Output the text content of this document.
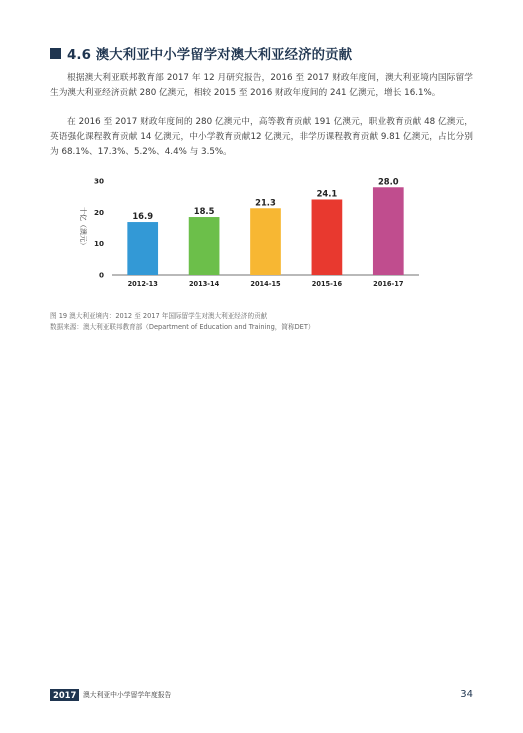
4.6 澳大利亚中小学留学对澳大利亚经济的贡献

根据澳大利亚联邦教育部 2017 年 12 月研究报告，2016 至 2017 财政年度间，澳大利亚境内国际留学生为澳大利亚经济贡献 280 亿澳元，相较 2015 至 2016 财政年度间的 241 亿澳元，增长 16.1%。

在 2016 至 2017 财政年度间的 280 亿澳元中，高等教育贡献 191 亿澳元，职业教育贡献 48 亿澳元，英语强化课程教育贡献 14 亿澳元，中小学教育贡献12 亿澳元，非学历课程教育贡献 9.81 亿澳元，占比分别为 68.1%、17.3%、5.2%、4.4% 与 3.5%。

十亿（澳元）
0
10
20
30
16.9
2012-13
18.5
2013-14
21.3
2014-15
24.1
2015-16
28.0
2016-17

图 19 澳大利亚境内：2012 至 2017 年国际留学生对澳大利亚经济的贡献

数据来源：澳大利亚联邦教育部（Department of Education and Training，简称DET）

2017 澳大利亚中小学留学年度报告	34
